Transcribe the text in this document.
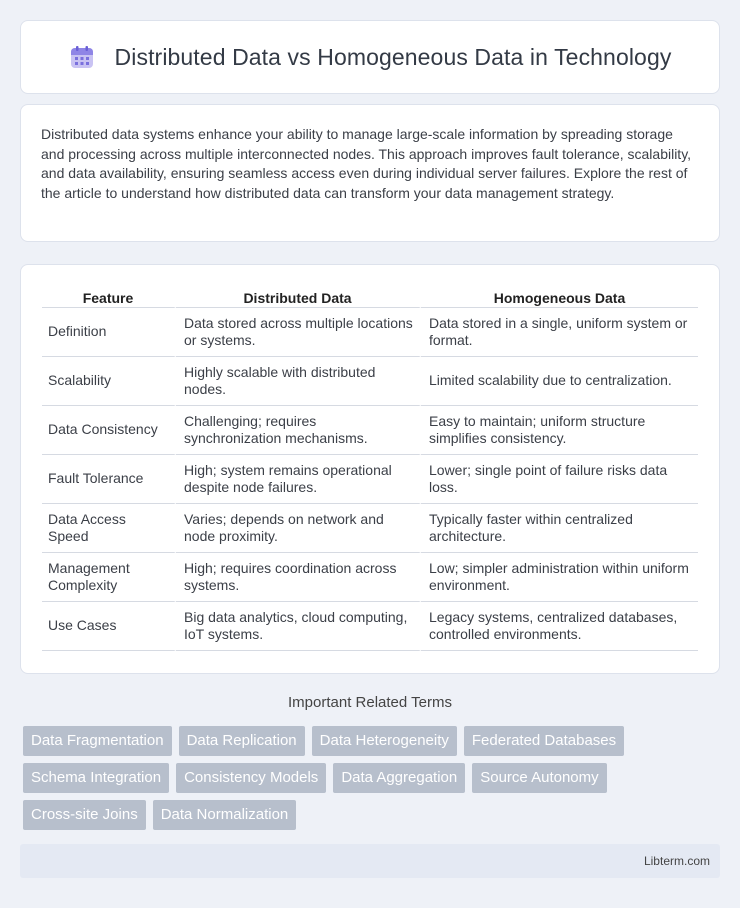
Distributed Data vs Homogeneous Data in Technology

Distributed data systems enhance your ability to manage large-scale information by spreading storage and processing across multiple interconnected nodes. This approach improves fault tolerance, scalability, and data availability, ensuring seamless access even during individual server failures. Explore the rest of the article to understand how distributed data can transform your data management strategy.

Feature	Distributed Data	Homogeneous Data
Definition	Data stored across multiple locations or systems.	Data stored in a single, uniform system or format.
Scalability	Highly scalable with distributed nodes.	Limited scalability due to centralization.
Data Consistency	Challenging; requires synchronization mechanisms.	Easy to maintain; uniform structure simplifies consistency.
Fault Tolerance	High; system remains operational despite node failures.	Lower; single point of failure risks data loss.
Data Access Speed	Varies; depends on network and node proximity.	Typically faster within centralized architecture.
Management Complexity	High; requires coordination across systems.	Low; simpler administration within uniform environment.
Use Cases	Big data analytics, cloud computing, IoT systems.	Legacy systems, centralized databases, controlled environments.
Important Related Terms
Data Fragmentation	Data Replication	Data Heterogeneity	Federated Databases
Schema Integration	Consistency Models	Data Aggregation	Source Autonomy
Cross-site Joins	Data Normalization
Libterm.com
